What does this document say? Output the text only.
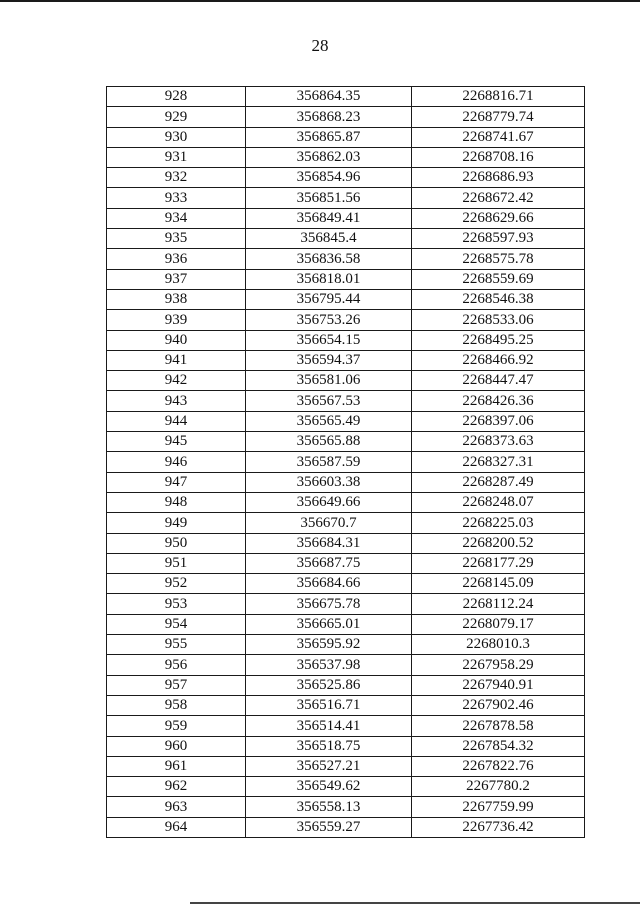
28
928	356864.35	2268816.71
929	356868.23	2268779.74
930	356865.87	2268741.67
931	356862.03	2268708.16
932	356854.96	2268686.93
933	356851.56	2268672.42
934	356849.41	2268629.66
935	356845.4	2268597.93
936	356836.58	2268575.78
937	356818.01	2268559.69
938	356795.44	2268546.38
939	356753.26	2268533.06
940	356654.15	2268495.25
941	356594.37	2268466.92
942	356581.06	2268447.47
943	356567.53	2268426.36
944	356565.49	2268397.06
945	356565.88	2268373.63
946	356587.59	2268327.31
947	356603.38	2268287.49
948	356649.66	2268248.07
949	356670.7	2268225.03
950	356684.31	2268200.52
951	356687.75	2268177.29
952	356684.66	2268145.09
953	356675.78	2268112.24
954	356665.01	2268079.17
955	356595.92	2268010.3
956	356537.98	2267958.29
957	356525.86	2267940.91
958	356516.71	2267902.46
959	356514.41	2267878.58
960	356518.75	2267854.32
961	356527.21	2267822.76
962	356549.62	2267780.2
963	356558.13	2267759.99
964	356559.27	2267736.42
